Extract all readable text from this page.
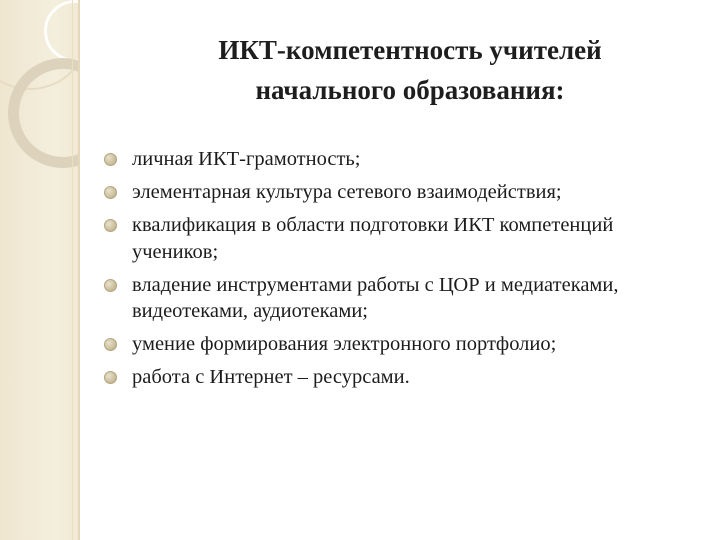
ИКТ-компетентность учителей
начального образования:
личная ИКТ-грамотность;
элементарная культура сетевого взаимодействия;
квалификация в области подготовки ИКТ компетенций учеников;
владение инструментами работы с ЦОР и медиатеками, видеотеками, аудиотеками;
умение формирования электронного портфолио;
работа с Интернет – ресурсами.
